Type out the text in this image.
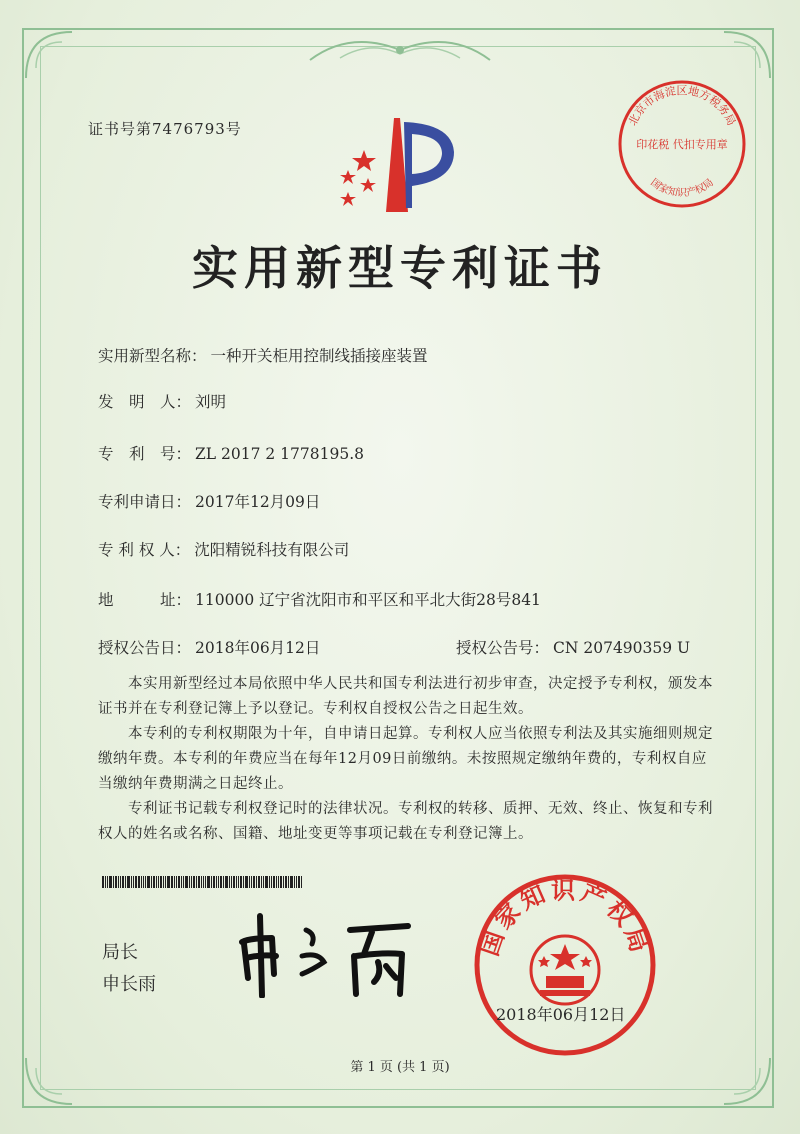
证书号第7476793号
北京市海淀区地方税务局
印花税 代扣专用章
国家知识产权局
实用新型专利证书
实用新型名称： 一种开关柜用控制线插接座装置
发　明　人： 刘明
专　利　号： ZL 2017 2 1778195.8
专利申请日： 2017年12月09日
专 利 权 人： 沈阳精锐科技有限公司
地　　　址： 110000 辽宁省沈阳市和平区和平北大街28号841
授权公告日： 2018年06月12日	授权公告号： CN 207490359 U

　　本实用新型经过本局依照中华人民共和国专利法进行初步审查，决定授予专利权，颁发本证书并在专利登记簿上予以登记。专利权自授权公告之日起生效。

　　本专利的专利权期限为十年，自申请日起算。专利权人应当依照专利法及其实施细则规定缴纳年费。本专利的年费应当在每年12月09日前缴纳。未按照规定缴纳年费的，专利权自应当缴纳年费期满之日起终止。

　　专利证书记载专利权登记时的法律状况。专利权的转移、质押、无效、终止、恢复和专利权人的姓名或名称、国籍、地址变更等事项记载在专利登记簿上。

局长
申长雨
国家知识产权局
2018年06月12日
第 1 页 (共 1 页)
